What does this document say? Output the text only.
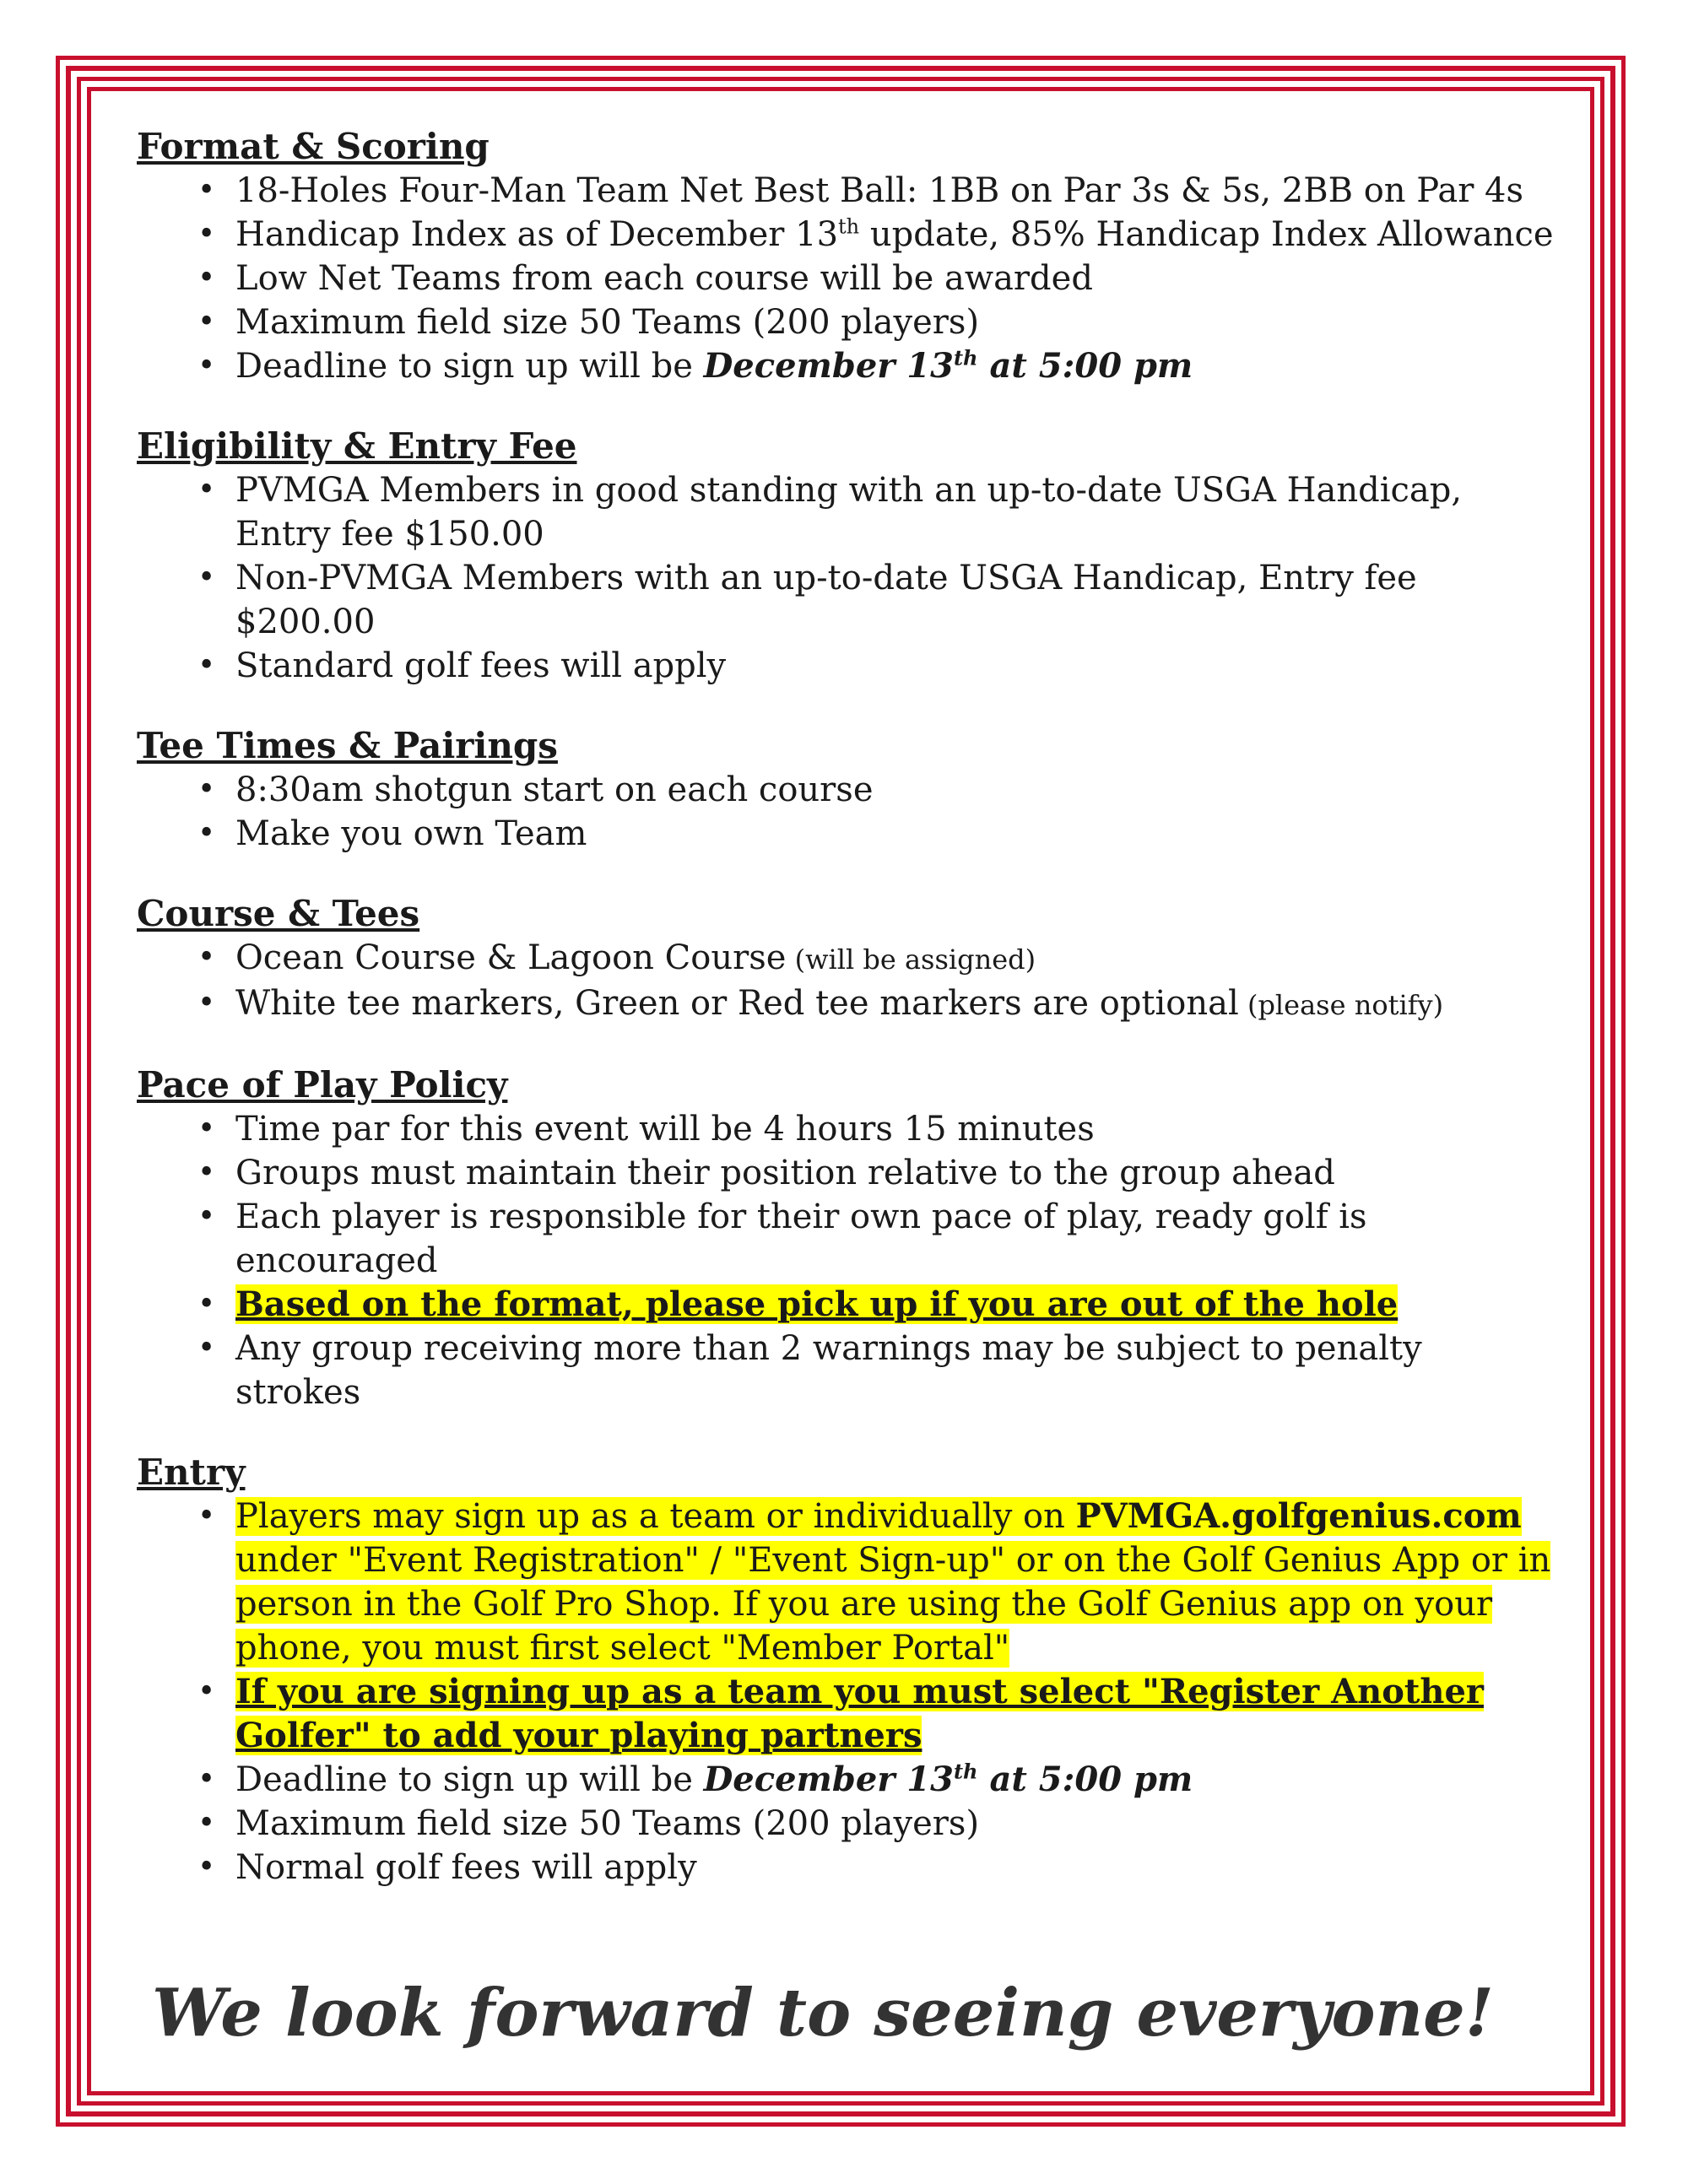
Format & Scoring

• 18-Holes Four-Man Team Net Best Ball: 1BB on Par 3s & 5s, 2BB on Par 4s
• Handicap Index as of December 13th update, 85% Handicap Index Allowance
• Low Net Teams from each course will be awarded
• Maximum field size 50 Teams (200 players)
• Deadline to sign up will be December 13th at 5:00 pm

Eligibility & Entry Fee

• PVMGA Members in good standing with an up-to-date USGA Handicap, Entry fee $150.00
• Non-PVMGA Members with an up-to-date USGA Handicap, Entry fee $200.00
• Standard golf fees will apply

Tee Times & Pairings

• 8:30am shotgun start on each course
• Make you own Team

Course & Tees

• Ocean Course & Lagoon Course (will be assigned)
• White tee markers, Green or Red tee markers are optional (please notify)

Pace of Play Policy

• Time par for this event will be 4 hours 15 minutes
• Groups must maintain their position relative to the group ahead
• Each player is responsible for their own pace of play, ready golf is encouraged
• Based on the format, please pick up if you are out of the hole
• Any group receiving more than 2 warnings may be subject to penalty strokes

Entry

• Players may sign up as a team or individually on PVMGA.golfgenius.com under "Event Registration" / "Event Sign-up" or on the Golf Genius App or in person in the Golf Pro Shop. If you are using the Golf Genius app on your phone, you must first select "Member Portal"
• If you are signing up as a team you must select "Register Another Golfer" to add your playing partners
• Deadline to sign up will be December 13th at 5:00 pm
• Maximum field size 50 Teams (200 players)
• Normal golf fees will apply
We look forward to seeing everyone!
